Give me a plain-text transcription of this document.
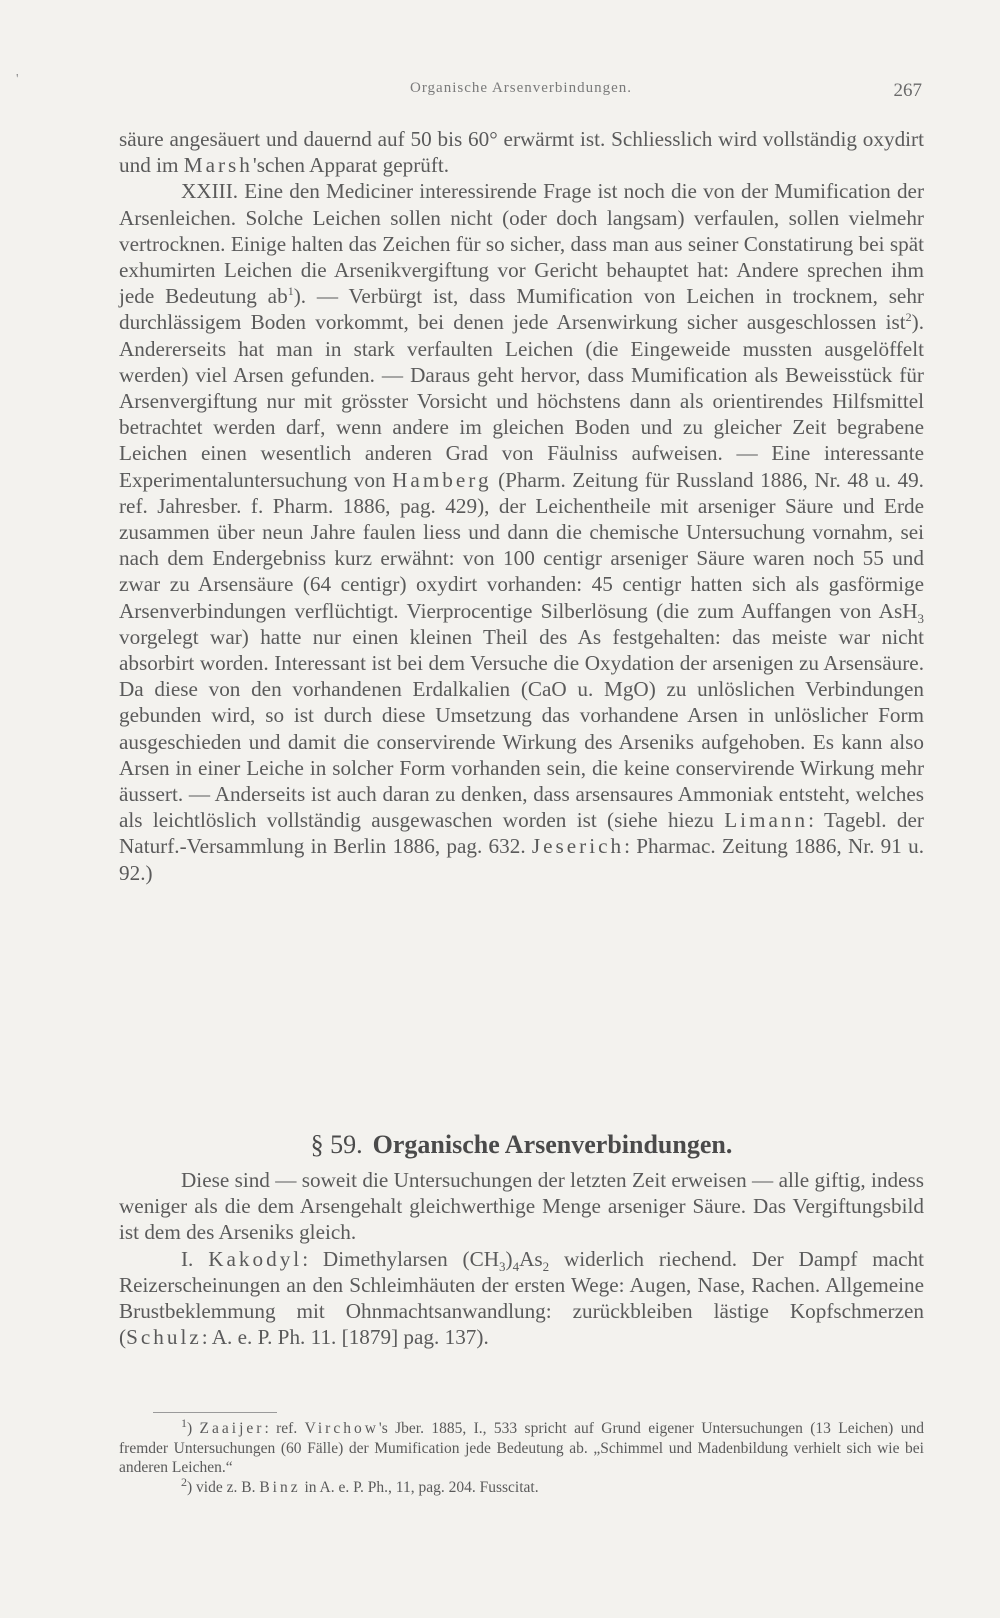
'
Organische Arsenverbindungen.	267

säure angesäuert und dauernd auf 50 bis 60° erwärmt ist. Schliesslich wird vollständig oxydirt und im Marsh'schen Apparat geprüft.

XXIII. Eine den Mediciner interessirende Frage ist noch die von der Mumification der Arsenleichen. Solche Leichen sollen nicht (oder doch langsam) verfaulen, sollen vielmehr vertrocknen. Einige halten das Zeichen für so sicher, dass man aus seiner Constatirung bei spät exhumirten Leichen die Arsenikvergiftung vor Gericht behauptet hat: Andere sprechen ihm jede Bedeutung $ab^1$). — Verbürgt ist, dass Mumification von Leichen in trocknem, sehr durchlässigem Boden vorkommt, bei denen jede Arsenwirkung sicher ausgeschlossen ist$^2$). Andererseits hat man in stark verfaulten Leichen (die Eingeweide mussten ausgelöffelt werden) viel Arsen gefunden. — Daraus geht hervor, dass Mumification als Beweisstück für Arsenvergiftung nur mit grösster Vorsicht und höchstens dann als orientirendes Hilfsmittel betrachtet werden darf, wenn andere im gleichen Boden und zu gleicher Zeit begrabene Leichen einen wesentlich anderen Grad von Fäulniss aufweisen. — Eine interessante Experimentaluntersuchung von Hamberg (Pharm. Zeitung für Russland 1886, Nr. 48 u. 49. ref. Jahresber. f. Pharm. 1886, pag. 429), der Leichentheile mit arseniger Säure und Erde zusammen über neun Jahre faulen liess und dann die chemische Untersuchung vornahm, sei nach dem Endergebniss kurz erwähnt: von 100 centigr arseniger Säure waren noch 55 und zwar zu Arsensäure (64 centigr) oxydirt vorhanden: 45 centigr hatten sich als gasförmige Arsenverbindungen verflüchtigt. Vierprocentige Silberlösung (die zum Auffangen von AsH$_3$ vorgelegt war) hatte nur einen kleinen Theil des As festgehalten: das meiste war nicht absorbirt worden. Interessant ist bei dem Versuche die Oxydation der arsenigen zu Arsensäure. Da diese von den vorhandenen Erdalkalien (CaO u. MgO) zu unlöslichen Verbindungen gebunden wird, so ist durch diese Umsetzung das vorhandene Arsen in unlöslicher Form ausgeschieden und damit die conservirende Wirkung des Arseniks aufgehoben. Es kann also Arsen in einer Leiche in solcher Form vorhanden sein, die keine conservirende Wirkung mehr äussert. — Anderseits ist auch daran zu denken, dass arsensaures Ammoniak entsteht, welches als leichtlöslich vollständig ausgewaschen worden ist (siehe hiezu Limann: Tagebl. der Naturf.-Versammlung in Berlin 1886, pag. 632. Jeserich: Pharmac. Zeitung 1886, Nr. 91 u. 92.)

§ 59. Organische Arsenverbindungen.

Diese sind — soweit die Untersuchungen der letzten Zeit erweisen — alle giftig, indess weniger als die dem Arsengehalt gleichwerthige Menge arseniger Säure. Das Vergiftungsbild ist dem des Arseniks gleich.

I. Kakodyl: Dimethylarsen $(CH_3)_4As_2$ widerlich riechend. Der Dampf macht Reizerscheinungen an den Schleimhäuten der ersten Wege: Augen, Nase, Rachen. Allgemeine Brustbeklemmung mit Ohnmachtsanwandlung: zurückbleiben lästige Kopfschmerzen (Schulz: A. e. P. Ph. 11. [1879] pag. 137).

$^1$) Zaaijer: ref. Virchow's Jber. 1885, I., 533 spricht auf Grund eigener Untersuchungen (13 Leichen) und fremder Untersuchungen (60 Fälle) der Mumification jede Bedeutung ab. „Schimmel und Madenbildung verhielt sich wie bei anderen Leichen.“

$^2$) vide z. B. Binz in A. e. P. Ph., 11, pag. 204. Fusscitat.
